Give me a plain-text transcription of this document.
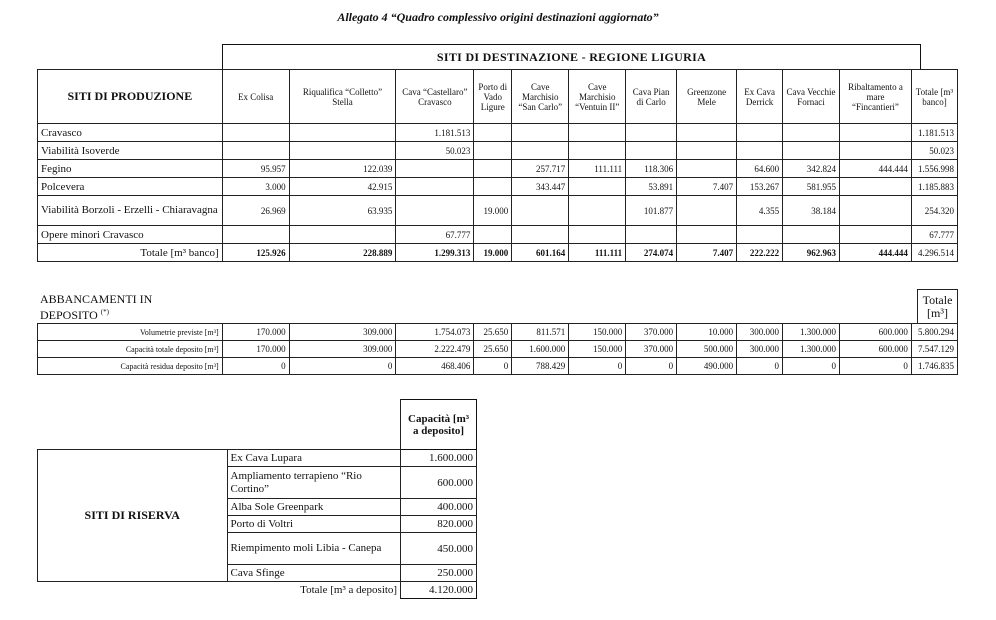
Allegato 4 “Quadro complessivo origini destinazioni aggiornato”
SITI DI DESTINAZIONE - REGIONE LIGURIA
SITI DI PRODUZIONE	Ex Colisa	Riqualifica “Colletto” Stella	Cava “Castellaro” Cravasco	Porto di Vado Ligure	Cave Marchisio “San Carlo”	Cave Marchisio “Ventuin II”	Cava Pian di Carlo	Greenzone Mele	Ex Cava Derrick	Cava Vecchie Fornaci	Ribaltamento a mare “Fincantieri”	Totale [m³ banco]
Cravasco			1.181.513									1.181.513
Viabilità Isoverde			50.023									50.023
Fegino	95.957	122.039			257.717	111.111	118.306		64.600	342.824	444.444	1.556.998
Polcevera	3.000	42.915			343.447		53.891	7.407	153.267	581.955		1.185.883
Viabilità Borzoli - Erzelli - Chiaravagna	26.969	63.935		19.000			101.877		4.355	38.184		254.320
Opere minori Cravasco			67.777									67.777
Totale [m³ banco]	125.926	228.889	1.299.313	19.000	601.164	111.111	274.074	7.407	222.222	962.963	444.444	4.296.514
ABBANCAMENTI IN
DEPOSITO (*)
Totale [m³]
Volumetrie previste [m³]	170.000	309.000	1.754.073	25.650	811.571	150.000	370.000	10.000	300.000	1.300.000	600.000	5.800.294
Capacità totale deposito [m³]	170.000	309.000	2.222.479	25.650	1.600.000	150.000	370.000	500.000	300.000	1.300.000	600.000	7.547.129
Capacità residua deposito [m³]	0	0	468.406	0	788.429	0	0	490.000	0	0	0	1.746.835
		Capacità [m³ a deposito]
SITI DI RISERVA	Ex Cava Lupara	1.600.000
	Ampliamento terrapieno “Rio Cortino”	600.000
	Alba Sole Greenpark	400.000
	Porto di Voltri	820.000
	Riempimento moli Libia - Canepa	450.000
	Cava Sfinge	250.000
	Totale [m³ a deposito]	4.120.000
